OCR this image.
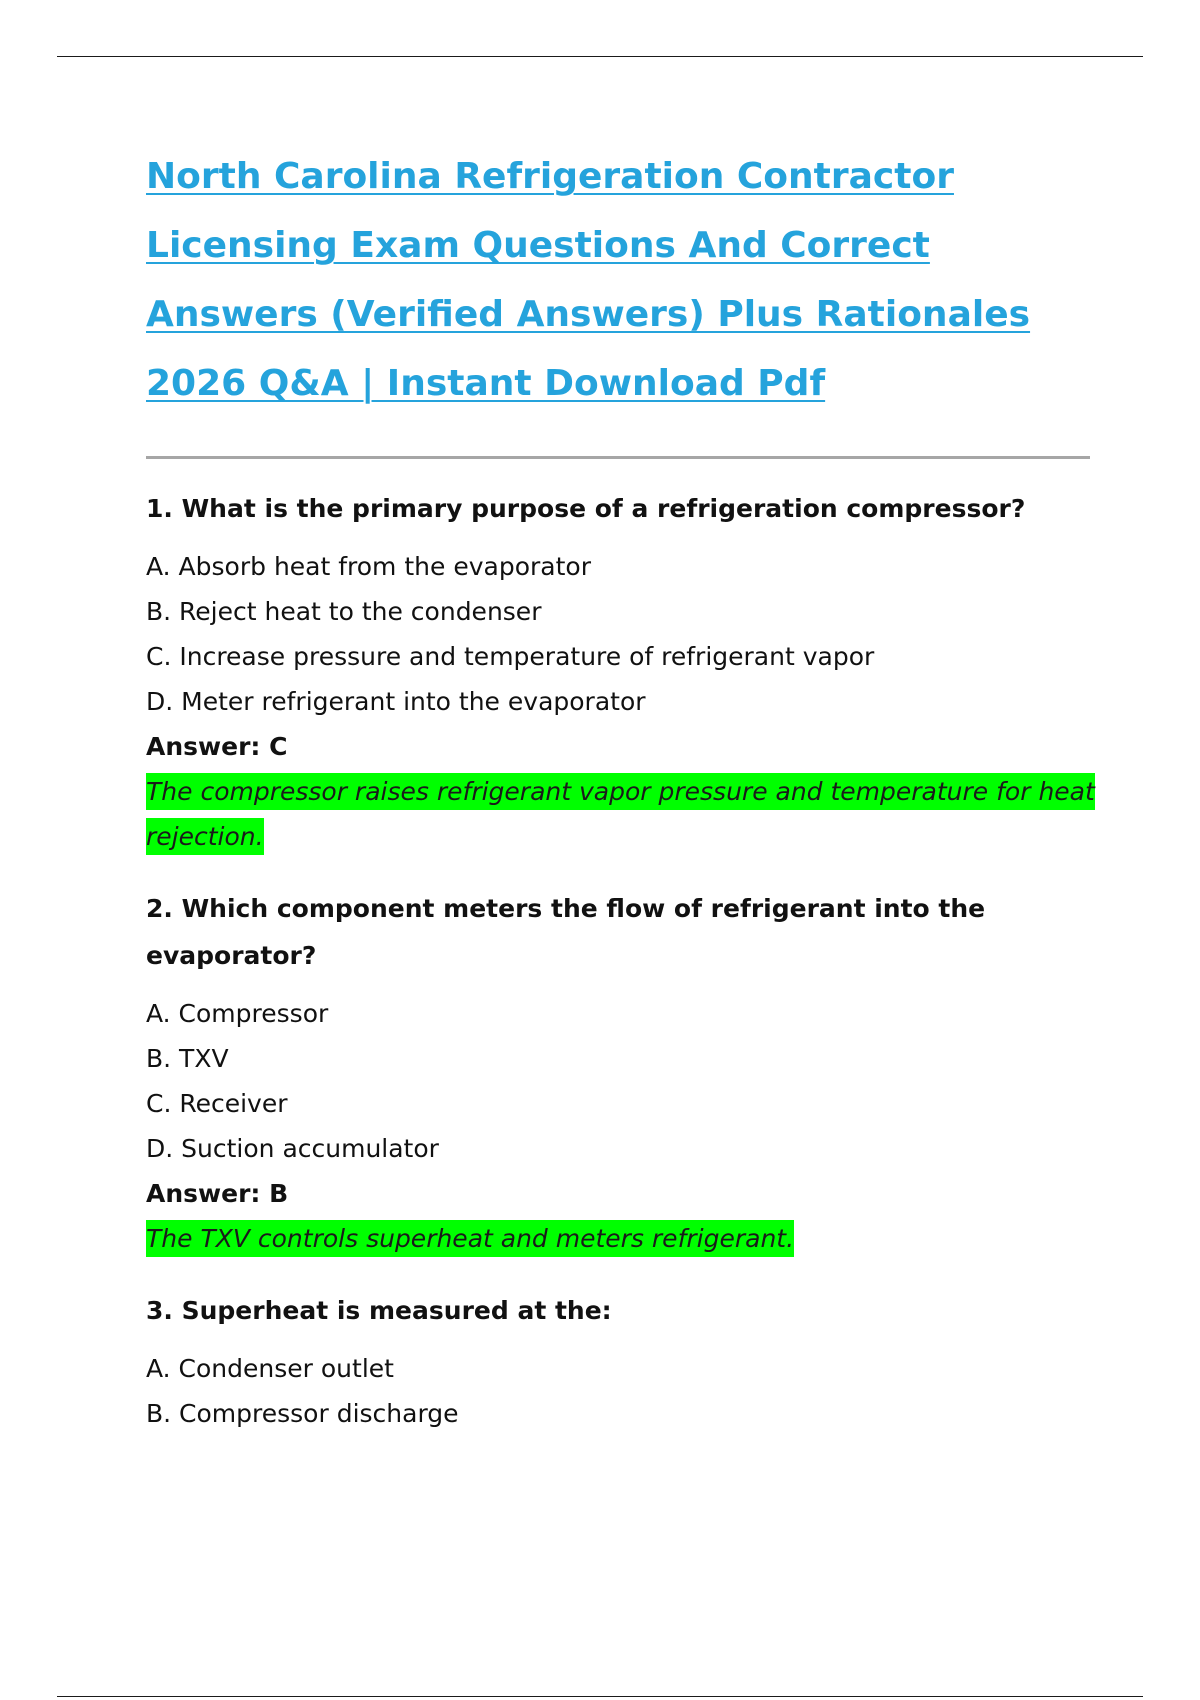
North Carolina Refrigeration Contractor
Licensing Exam Questions And Correct
Answers (Verified Answers) Plus Rationales
2026 Q&A | Instant Download Pdf

1. What is the primary purpose of a refrigeration compressor?

A. Absorb heat from the evaporator

B. Reject heat to the condenser

C. Increase pressure and temperature of refrigerant vapor

D. Meter refrigerant into the evaporator

Answer: C

The compressor raises refrigerant vapor pressure and temperature for heat rejection.

2. Which component meters the flow of refrigerant into the evaporator?

A. Compressor

B. TXV

C. Receiver

D. Suction accumulator

Answer: B

The TXV controls superheat and meters refrigerant.

3. Superheat is measured at the:

A. Condenser outlet

B. Compressor discharge
